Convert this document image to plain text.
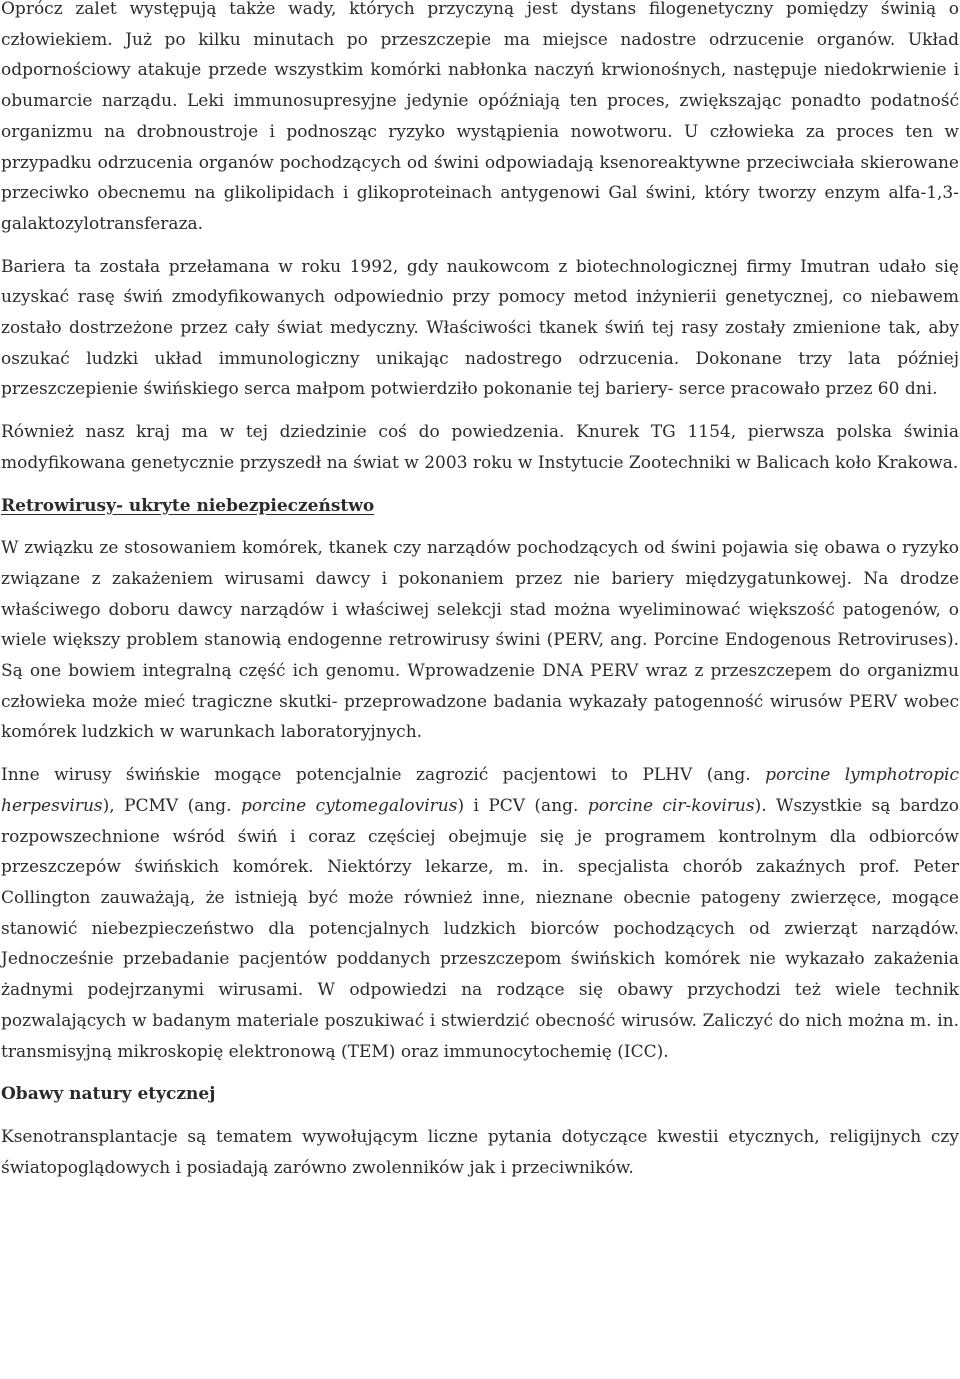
Oprócz zalet występują także wady, których przyczyną jest dystans filogenetyczny pomiędzy świnią o człowiekiem. Już po kilku minutach po przeszczepie ma miejsce nadostre odrzucenie organów. Układ odpornościowy atakuje przede wszystkim komórki nabłonka naczyń krwionośnych, następuje niedokrwienie i obumarcie narządu. Leki immunosupresyjne jedynie opóźniają ten proces, zwiększając ponadto podatność organizmu na drobnoustroje i podnosząc ryzyko wystąpienia nowotworu. U człowieka za proces ten w przypadku odrzucenia organów pochodzących od świni odpowiadają ksenoreaktywne przeciwciała skierowane przeciwko obecnemu na glikolipidach i glikoproteinach antygenowi Gal świni, który tworzy enzym alfa-1,3-galaktozylotransferaza.

Bariera ta została przełamana w roku 1992, gdy naukowcom z biotechnologicznej firmy Imutran udało się uzyskać rasę świń zmodyfikowanych odpowiednio przy pomocy metod inżynierii genetycznej, co niebawem zostało dostrzeżone przez cały świat medyczny. Właściwości tkanek świń tej rasy zostały zmienione tak, aby oszukać ludzki układ immunologiczny unikając nadostrego odrzucenia. Dokonane trzy lata później przeszczepienie świńskiego serca małpom potwierdziło pokonanie tej bariery- serce pracowało przez 60 dni.

Również nasz kraj ma w tej dziedzinie coś do powiedzenia. Knurek TG 1154, pierwsza polska świnia modyfikowana genetycznie przyszedł na świat w 2003 roku w Instytucie Zootechniki w Balicach koło Krakowa.

Retrowirusy- ukryte niebezpieczeństwo

W związku ze stosowaniem komórek, tkanek czy narządów pochodzących od świni pojawia się obawa o ryzyko związane z zakażeniem wirusami dawcy i pokonaniem przez nie bariery międzygatunkowej. Na drodze właściwego doboru dawcy narządów i właściwej selekcji stad można wyeliminować większość patogenów, o wiele większy problem stanowią endogenne retrowirusy świni (PERV, ang. Porcine Endogenous Retroviruses). Są one bowiem integralną część ich genomu. Wprowadzenie DNA PERV wraz z przeszczepem do organizmu człowieka może mieć tragiczne skutki- przeprowadzone badania wykazały patogenność wirusów PERV wobec komórek ludzkich w warunkach laboratoryjnych.

Inne wirusy świńskie mogące potencjalnie zagrozić pacjentowi to PLHV (ang. porcine lymphotropic herpesvirus), PCMV (ang. porcine cytomegalovirus) i PCV (ang. porcine cir-kovirus). Wszystkie są bardzo rozpowszechnione wśród świń i coraz częściej obejmuje się je programem kontrolnym dla odbiorców przeszczepów świńskich komórek. Niektórzy lekarze, m. in. specjalista chorób zakaźnych prof. Peter Collington zauważają, że istnieją być może również inne, nieznane obecnie patogeny zwierzęce, mogące stanowić niebezpieczeństwo dla potencjalnych ludzkich biorców pochodzących od zwierząt narządów. Jednocześnie przebadanie pacjentów poddanych przeszczepom świńskich komórek nie wykazało zakażenia żadnymi podejrzanymi wirusami. W odpowiedzi na rodzące się obawy przychodzi też wiele technik pozwalających w badanym materiale poszukiwać i stwierdzić obecność wirusów. Zaliczyć do nich można m. in. transmisyjną mikroskopię elektronową (TEM) oraz immunocytochemię (ICC).

Obawy natury etycznej

Ksenotransplantacje są tematem wywołującym liczne pytania dotyczące kwestii etycznych, religijnych czy światopoglądowych i posiadają zarówno zwolenników jak i przeciwników.
